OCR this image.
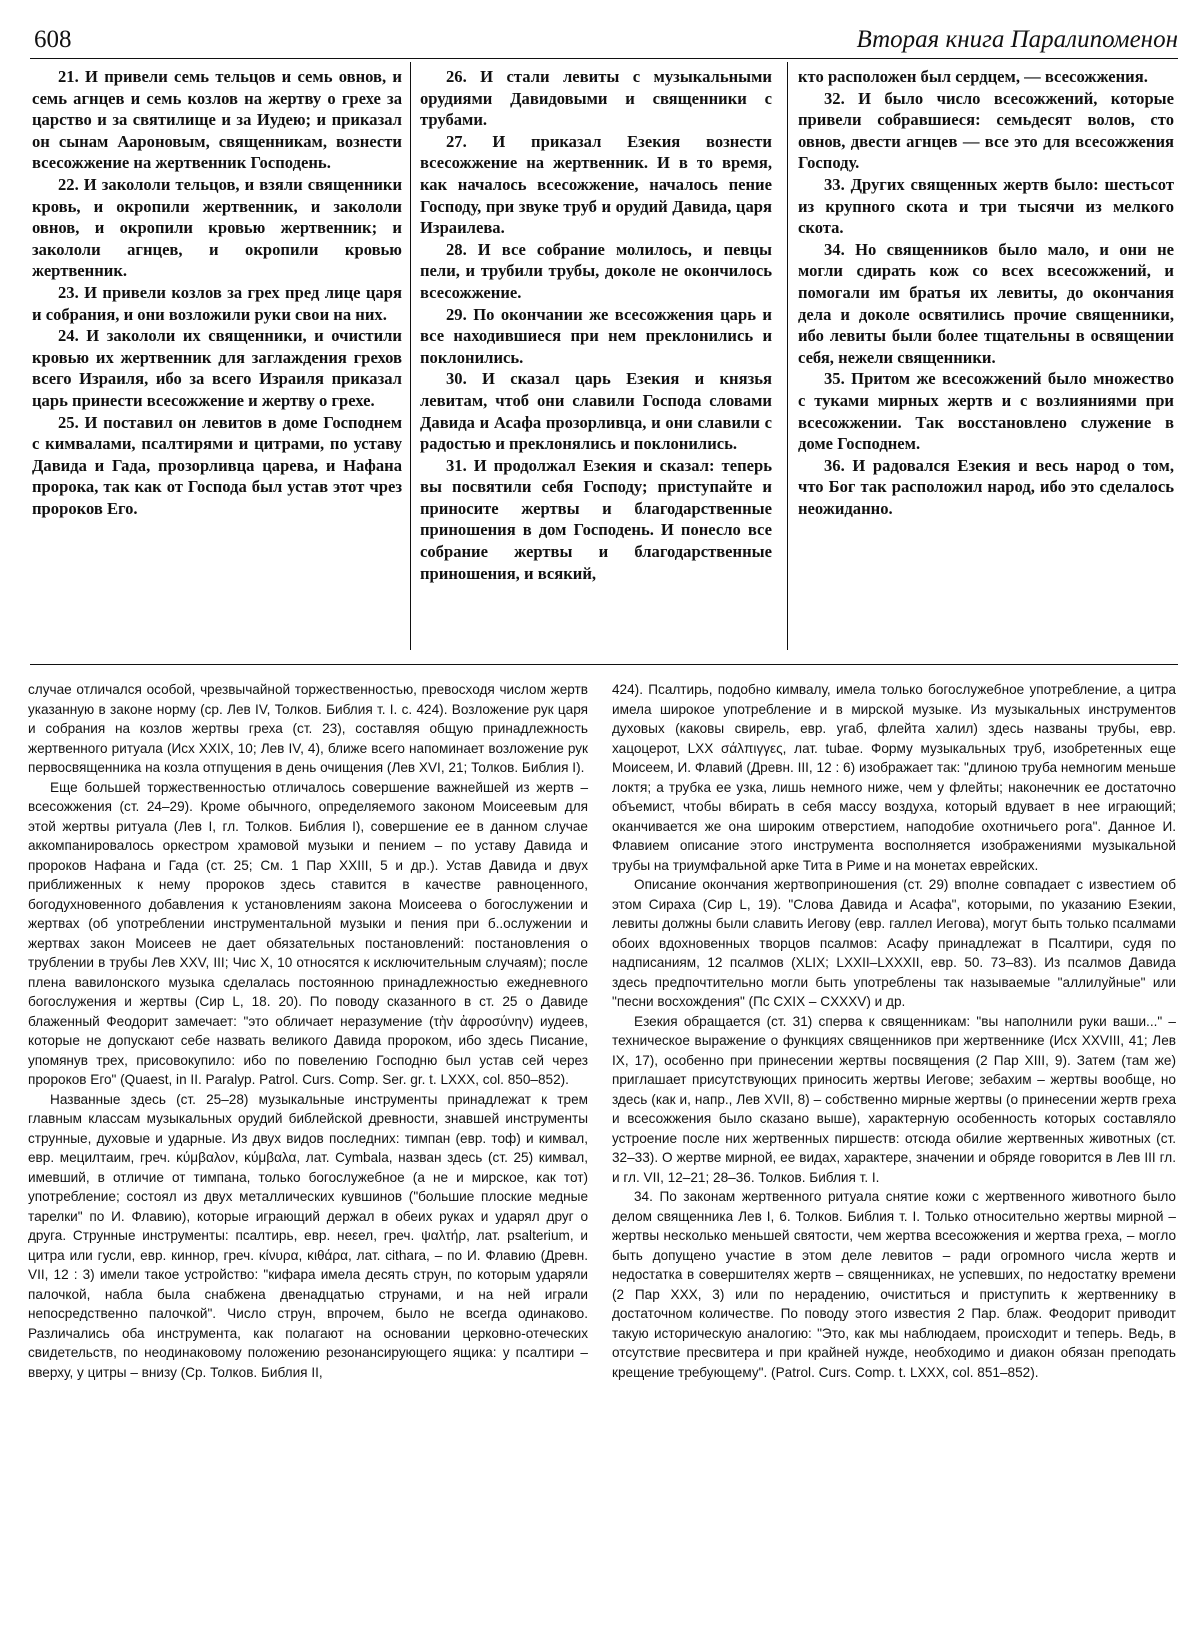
608	Вторая книга Паралипоменон

21. И привели семь тельцов и семь овнов, и семь агнцев и семь козлов на жертву о грехе за царство и за святилище и за Иудею; и приказал он сынам Аароновым, священникам, вознести всесожжение на жертвенник Господень.

22. И закололи тельцов, и взяли священники кровь, и окропили жертвенник, и закололи овнов, и окропили кровью жертвенник; и закололи агнцев, и окропили кровью жертвенник.

23. И привели козлов за грех пред лице царя и собрания, и они возложили руки свои на них.

24. И закололи их священники, и очистили кровью их жертвенник для заглаждения грехов всего Израиля, ибо за всего Израиля приказал царь принести всесожжение и жертву о грехе.

25. И поставил он левитов в доме Господнем с кимвалами, псалтирями и цитрами, по уставу Давида и Гада, прозорливца царева, и Нафана пророка, так как от Господа был устав этот чрез пророков Его.

26. И стали левиты с музыкальными орудиями Давидовыми и священники с трубами.

27. И приказал Езекия вознести всесожжение на жертвенник. И в то время, как началось всесожжение, началось пение Господу, при звуке труб и орудий Давида, царя Израилева.

28. И все собрание молилось, и певцы пели, и трубили трубы, доколе не окончилось всесожжение.

29. По окончании же всесожжения царь и все находившиеся при нем преклонились и поклонились.

30. И сказал царь Езекия и князья левитам, чтоб они славили Господа словами Давида и Асафа прозорливца, и они славили с радостью и преклонялись и поклонились.

31. И продолжал Езекия и сказал: теперь вы посвятили себя Господу; приступайте и приносите жертвы и благодарственные приношения в дом Господень. И понесло все собрание жертвы и благодарственные приношения, и всякий,

кто расположен был сердцем, — всесожжения.

32. И было число всесожжений, которые привели собравшиеся: семьдесят волов, сто овнов, двести агнцев — все это для всесожжения Господу.

33. Других священных жертв было: шестьсот из крупного скота и три тысячи из мелкого скота.

34. Но священников было мало, и они не могли сдирать кож со всех всесожжений, и помогали им братья их левиты, до окончания дела и доколе освятились прочие священники, ибо левиты были более тщательны в освящении себя, нежели священники.

35. Притом же всесожжений было множество с туками мирных жертв и с возлияниями при всесожжении. Так восстановлено служение в доме Господнем.

36. И радовался Езекия и весь народ о том, что Бог так расположил народ, ибо это сделалось неожиданно.

случае отличался особой, чрезвычайной торжественностью, превосходя числом жертв указанную в законе норму (ср. Лев IV, Толков. Библия т. I. с. 424). Возложение рук царя и собрания на козлов жертвы греха (ст. 23), составляя общую принадлежность жертвенного ритуала (Исх XXIX, 10; Лев IV, 4), ближе всего напоминает возложение рук первосвященника на козла отпущения в день очищения (Лев XVI, 21; Толков. Библия I).

Еще большей торжественностью отличалось совершение важнейшей из жертв – всесожжения (ст. 24–29). Кроме обычного, определяемого законом Моисеевым для этой жертвы ритуала (Лев I, гл. Толков. Библия I), совершение ее в данном случае аккомпанировалось оркестром храмовой музыки и пением – по уставу Давида и пророков Нафана и Гада (ст. 25; См. 1 Пар XXIII, 5 и др.). Устав Давида и двух приближенных к нему пророков здесь ставится в качестве равноценного, богодухновенного добавления к установлениям закона Моисеева о богослужении и жертвах (об употреблении инструментальной музыки и пения при б..ослужении и жертвах закон Моисеев не дает обязательных постановлений: постановления о трублении в трубы Лев XXV, III; Чис X, 10 относятся к исключительным случаям); после плена вавилонского музыка сделалась постоянною принадлежностью ежедневного богослужения и жертвы (Сир L, 18. 20). По поводу сказанного в ст. 25 о Давиде блаженный Феодорит замечает: "это обличает неразумение (τὴν ἀφροσύνην) иудеев, которые не допускают себе назвать великого Давида пророком, ибо здесь Писание, упомянув трех, присовокупило: ибо по повелению Господню был устав сей через пророков Его" (Quaest, in II. Paralyp. Patrol. Curs. Comp. Ser. gr. t. LXXX, col. 850–852).

Названные здесь (ст. 25–28) музыкальные инструменты принадлежат к трем главным классам музыкальных орудий библейской древности, знавшей инструменты струнные, духовые и ударные. Из двух видов последних: тимпан (евр. тоф) и кимвал, евр. мецилтаим, греч. κύμβαλον, κύμβαλα, лат. Cymbala, назван здесь (ст. 25) кимвал, имевший, в отличие от тимпана, только богослужебное (а не и мирское, как тот) употребление; состоял из двух металлических кувшинов ("большие плоские медные тарелки" по И. Флавию), которые играющий держал в обеих руках и ударял друг о друга. Струнные инструменты: псалтирь, евр. неεел, греч. ψαλτήρ, лат. psalterium, и цитра или гусли, евр. киннор, греч. κίνυρα, κιθάρα, лат. cithara, – по И. Флавию (Древн. VII, 12 : 3) имели такое устройство: "кифара имела десять струн, по которым ударяли палочкой, набла была снабжена двенадцатью струнами, и на ней играли непосредственно палочкой". Число струн, впрочем, было не всегда одинаково. Различались оба инструмента, как полагают на основании церковно-отеческих свидетельств, по неодинаковому положению резонансирующего ящика: у псалтири – вверху, у цитры – внизу (Ср. Толков. Библия II,

424). Псалтирь, подобно кимвалу, имела только богослужебное употребление, а цитра имела широкое употребление и в мирской музыке. Из музыкальных инструментов духовых (каковы свирель, евр. угаб, флейта халил) здесь названы трубы, евр. хацоцерот, LXX σάλπιγγες, лат. tubae. Форму музыкальных труб, изобретенных еще Моисеем, И. Флавий (Древн. III, 12 : 6) изображает так: "длиною труба немногим меньше локтя; а трубка ее узка, лишь немного ниже, чем у флейты; наконечник ее достаточно объемист, чтобы вбирать в себя массу воздуха, который вдувает в нее играющий; оканчивается же она широким отверстием, наподобие охотничьего рога". Данное И. Флавием описание этого инструмента восполняется изображениями музыкальной трубы на триумфальной арке Тита в Риме и на монетах еврейских.

Описание окончания жертвоприношения (ст. 29) вполне совпадает с известием об этом Сираха (Сир L, 19). "Слова Давида и Асафа", которыми, по указанию Езекии, левиты должны были славить Иегову (евр. галлел Иегова), могут быть только псалмами обоих вдохновенных творцов псалмов: Асафу принадлежат в Псалтири, судя по надписаниям, 12 псалмов (XLIX; LXXII–LXXXII, евр. 50. 73–83). Из псалмов Давида здесь предпочтительно могли быть употреблены так называемые "аллилуйные" или "песни восхождения" (Пс CXIX – CXXXV) и др.

Езекия обращается (ст. 31) сперва к священникам: "вы наполнили руки ваши..." – техническое выражение о функциях священников при жертвеннике (Исх XXVIII, 41; Лев IX, 17), особенно при принесении жертвы посвящения (2 Пар XIII, 9). Затем (там же) приглашает присутствующих приносить жертвы Иегове; зебахим – жертвы вообще, но здесь (как и, напр., Лев XVII, 8) – собственно мирные жертвы (о принесении жертв греха и всесожжения было сказано выше), характерную особенность которых составляло устроение после них жертвенных пиршеств: отсюда обилие жертвенных животных (ст. 32–33). О жертве мирной, ее видах, характере, значении и обряде говорится в Лев III гл. и гл. VII, 12–21; 28–36. Толков. Библия т. I.

34. По законам жертвенного ритуала снятие кожи с жертвенного животного было делом священника Лев I, 6. Толков. Библия т. I. Только относительно жертвы мирной – жертвы несколько меньшей святости, чем жертва всесожжения и жертва греха, – могло быть допущено участие в этом деле левитов – ради огромного числа жертв и недостатка в совершителях жертв – священниках, не успевших, по недостатку времени (2 Пар XXX, 3) или по нерадению, очиститься и приступить к жертвеннику в достаточном количестве. По поводу этого известия 2 Пар. блаж. Феодорит приводит такую историческую аналогию: "Это, как мы наблюдаем, происходит и теперь. Ведь, в отсутствие пресвитера и при крайней нужде, необходимо и диакон обязан преподать крещение требующему". (Patrol. Curs. Comp. t. LXXX, col. 851–852).
